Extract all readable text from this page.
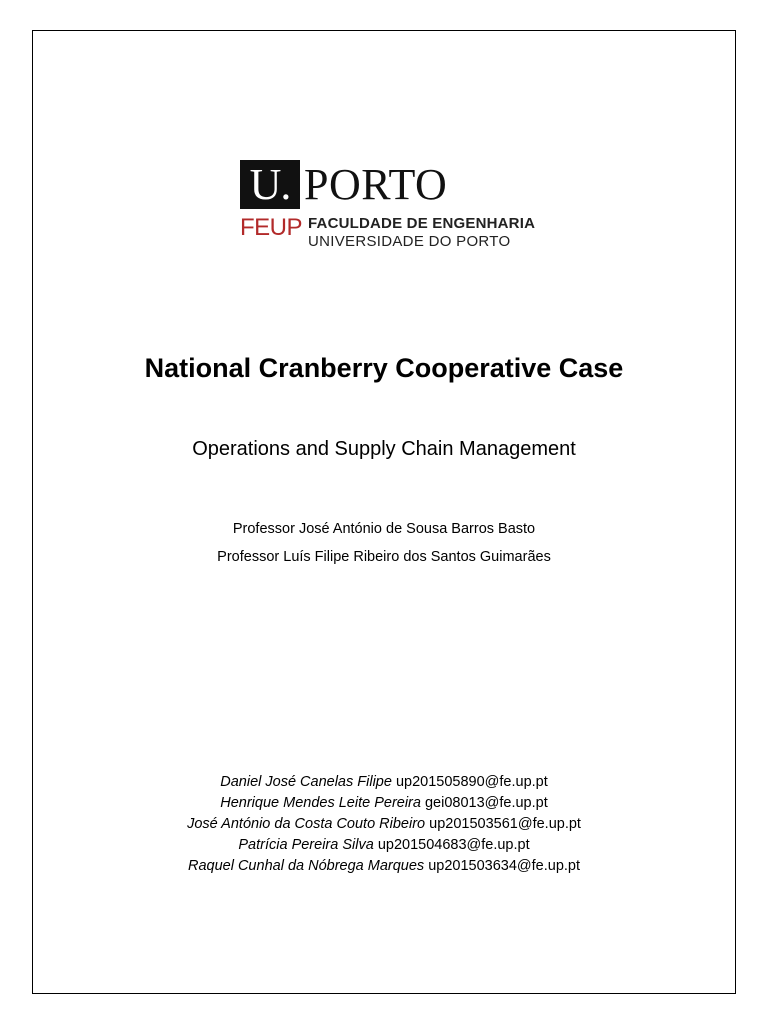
U. PORTO
FEUP FACULDADE DE ENGENHARIA
UNIVERSIDADE DO PORTO
National Cranberry Cooperative Case
Operations and Supply Chain Management
Professor José António de Sousa Barros Basto
Professor Luís Filipe Ribeiro dos Santos Guimarães
Daniel José Canelas Filipe up201505890@fe.up.pt
Henrique Mendes Leite Pereira gei08013@fe.up.pt
José António da Costa Couto Ribeiro up201503561@fe.up.pt
Patrícia Pereira Silva up201504683@fe.up.pt
Raquel Cunhal da Nóbrega Marques up201503634@fe.up.pt
